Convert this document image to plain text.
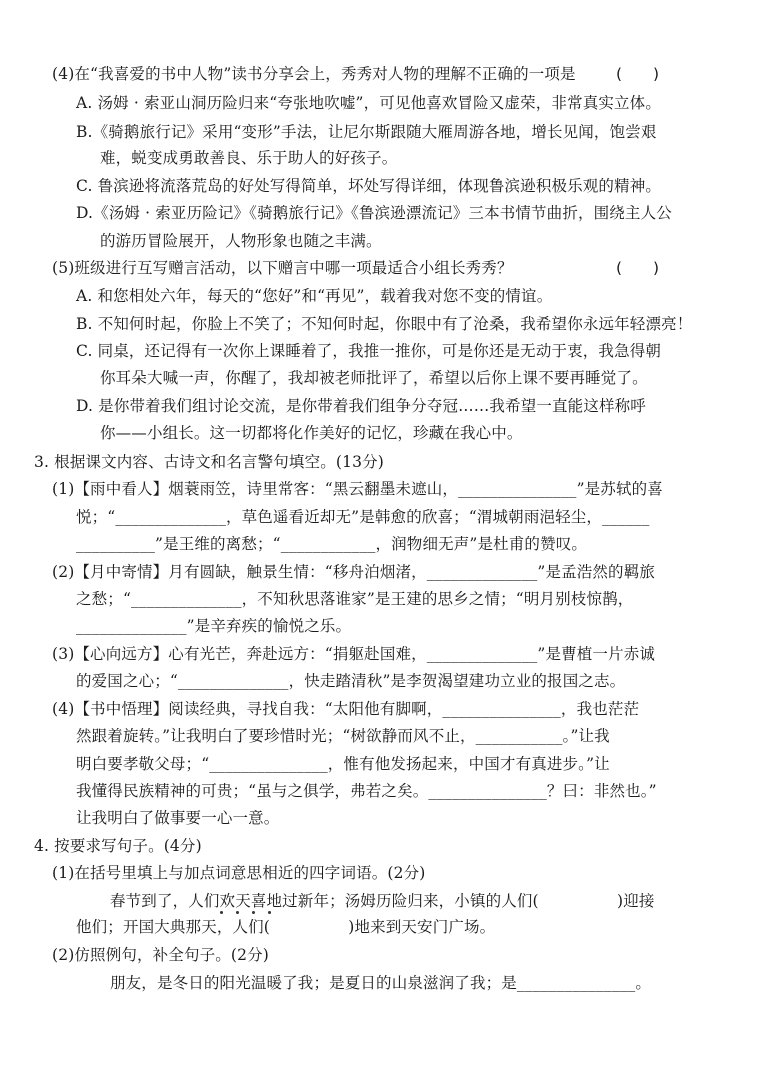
(4)在“我喜爱的书中人物”读书分享会上，秀秀对人物的理解不正确的一项是	(　　)
A. 汤姆 · 索亚山洞历险归来“夸张地吹嘘”，可见他喜欢冒险又虚荣，非常真实立体。
B.《骑鹅旅行记》采用“变形”手法，让尼尔斯跟随大雁周游各地，增长见闻，饱尝艰
难，蜕变成勇敢善良、乐于助人的好孩子。
C. 鲁滨逊将流落荒岛的好处写得简单，坏处写得详细，体现鲁滨逊积极乐观的精神。
D.《汤姆 · 索亚历险记》《骑鹅旅行记》《鲁滨逊漂流记》三本书情节曲折，围绕主人公
的游历冒险展开，人物形象也随之丰满。
(5)班级进行互写赠言活动，以下赠言中哪一项最适合小组长秀秀？	(　　)
A. 和您相处六年，每天的“您好”和“再见”，载着我对您不变的情谊。
B. 不知何时起，你脸上不笑了；不知何时起，你眼中有了沧桑，我希望你永远年轻漂亮！
C. 同桌，还记得有一次你上课睡着了，我推一推你，可是你还是无动于衷，我急得朝
你耳朵大喊一声，你醒了，我却被老师批评了，希望以后你上课不要再睡觉了。
D. 是你带着我们组讨论交流，是你带着我们组争分夺冠……我希望一直能这样称呼
你——小组长。这一切都将化作美好的记忆，珍藏在我心中。
3. 根据课文内容、古诗文和名言警句填空。(13分)
(1)【雨中看人】烟蓑雨笠，诗里常客：“黑云翻墨未遮山，_______________”是苏轼的喜
悦；“______________，草色遥看近却无”是韩愈的欣喜；“渭城朝雨浥轻尘，______
__________”是王维的离愁；“____________，润物细无声”是杜甫的赞叹。
(2)【月中寄情】月有圆缺，触景生情：“移舟泊烟渚，______________”是孟浩然的羁旅
之愁；“______________，不知秋思落谁家”是王建的思乡之情；“明月别枝惊鹊，
______________”是辛弃疾的愉悦之乐。
(3)【心向远方】心有光芒，奔赴远方：“捐躯赴国难，______________”是曹植一片赤诚
的爱国之心；“______________，快走踏清秋”是李贺渴望建功立业的报国之志。
(4)【书中悟理】阅读经典，寻找自我：“太阳他有脚啊，_______________，我也茫茫
然跟着旋转。”让我明白了要珍惜时光；“树欲静而风不止，___________。”让我
明白要孝敬父母；“_______________，惟有他发扬起来，中国才有真进步。”让
我懂得民族精神的可贵；“虽与之俱学，弗若之矣。_______________？曰：非然也。”
让我明白了做事要一心一意。
4. 按要求写句子。(4分)
(1)在括号里填上与加点词意思相近的四字词语。(2分)
春节到了，人们欢天喜地过新年；汤姆历险归来，小镇的人们(　　　　　)迎接
他们；开国大典那天，人们(　　　　　)地来到天安门广场。
(2)仿照例句，补全句子。(2分)
朋友，是冬日的阳光温暖了我；是夏日的山泉滋润了我；是_______________。
